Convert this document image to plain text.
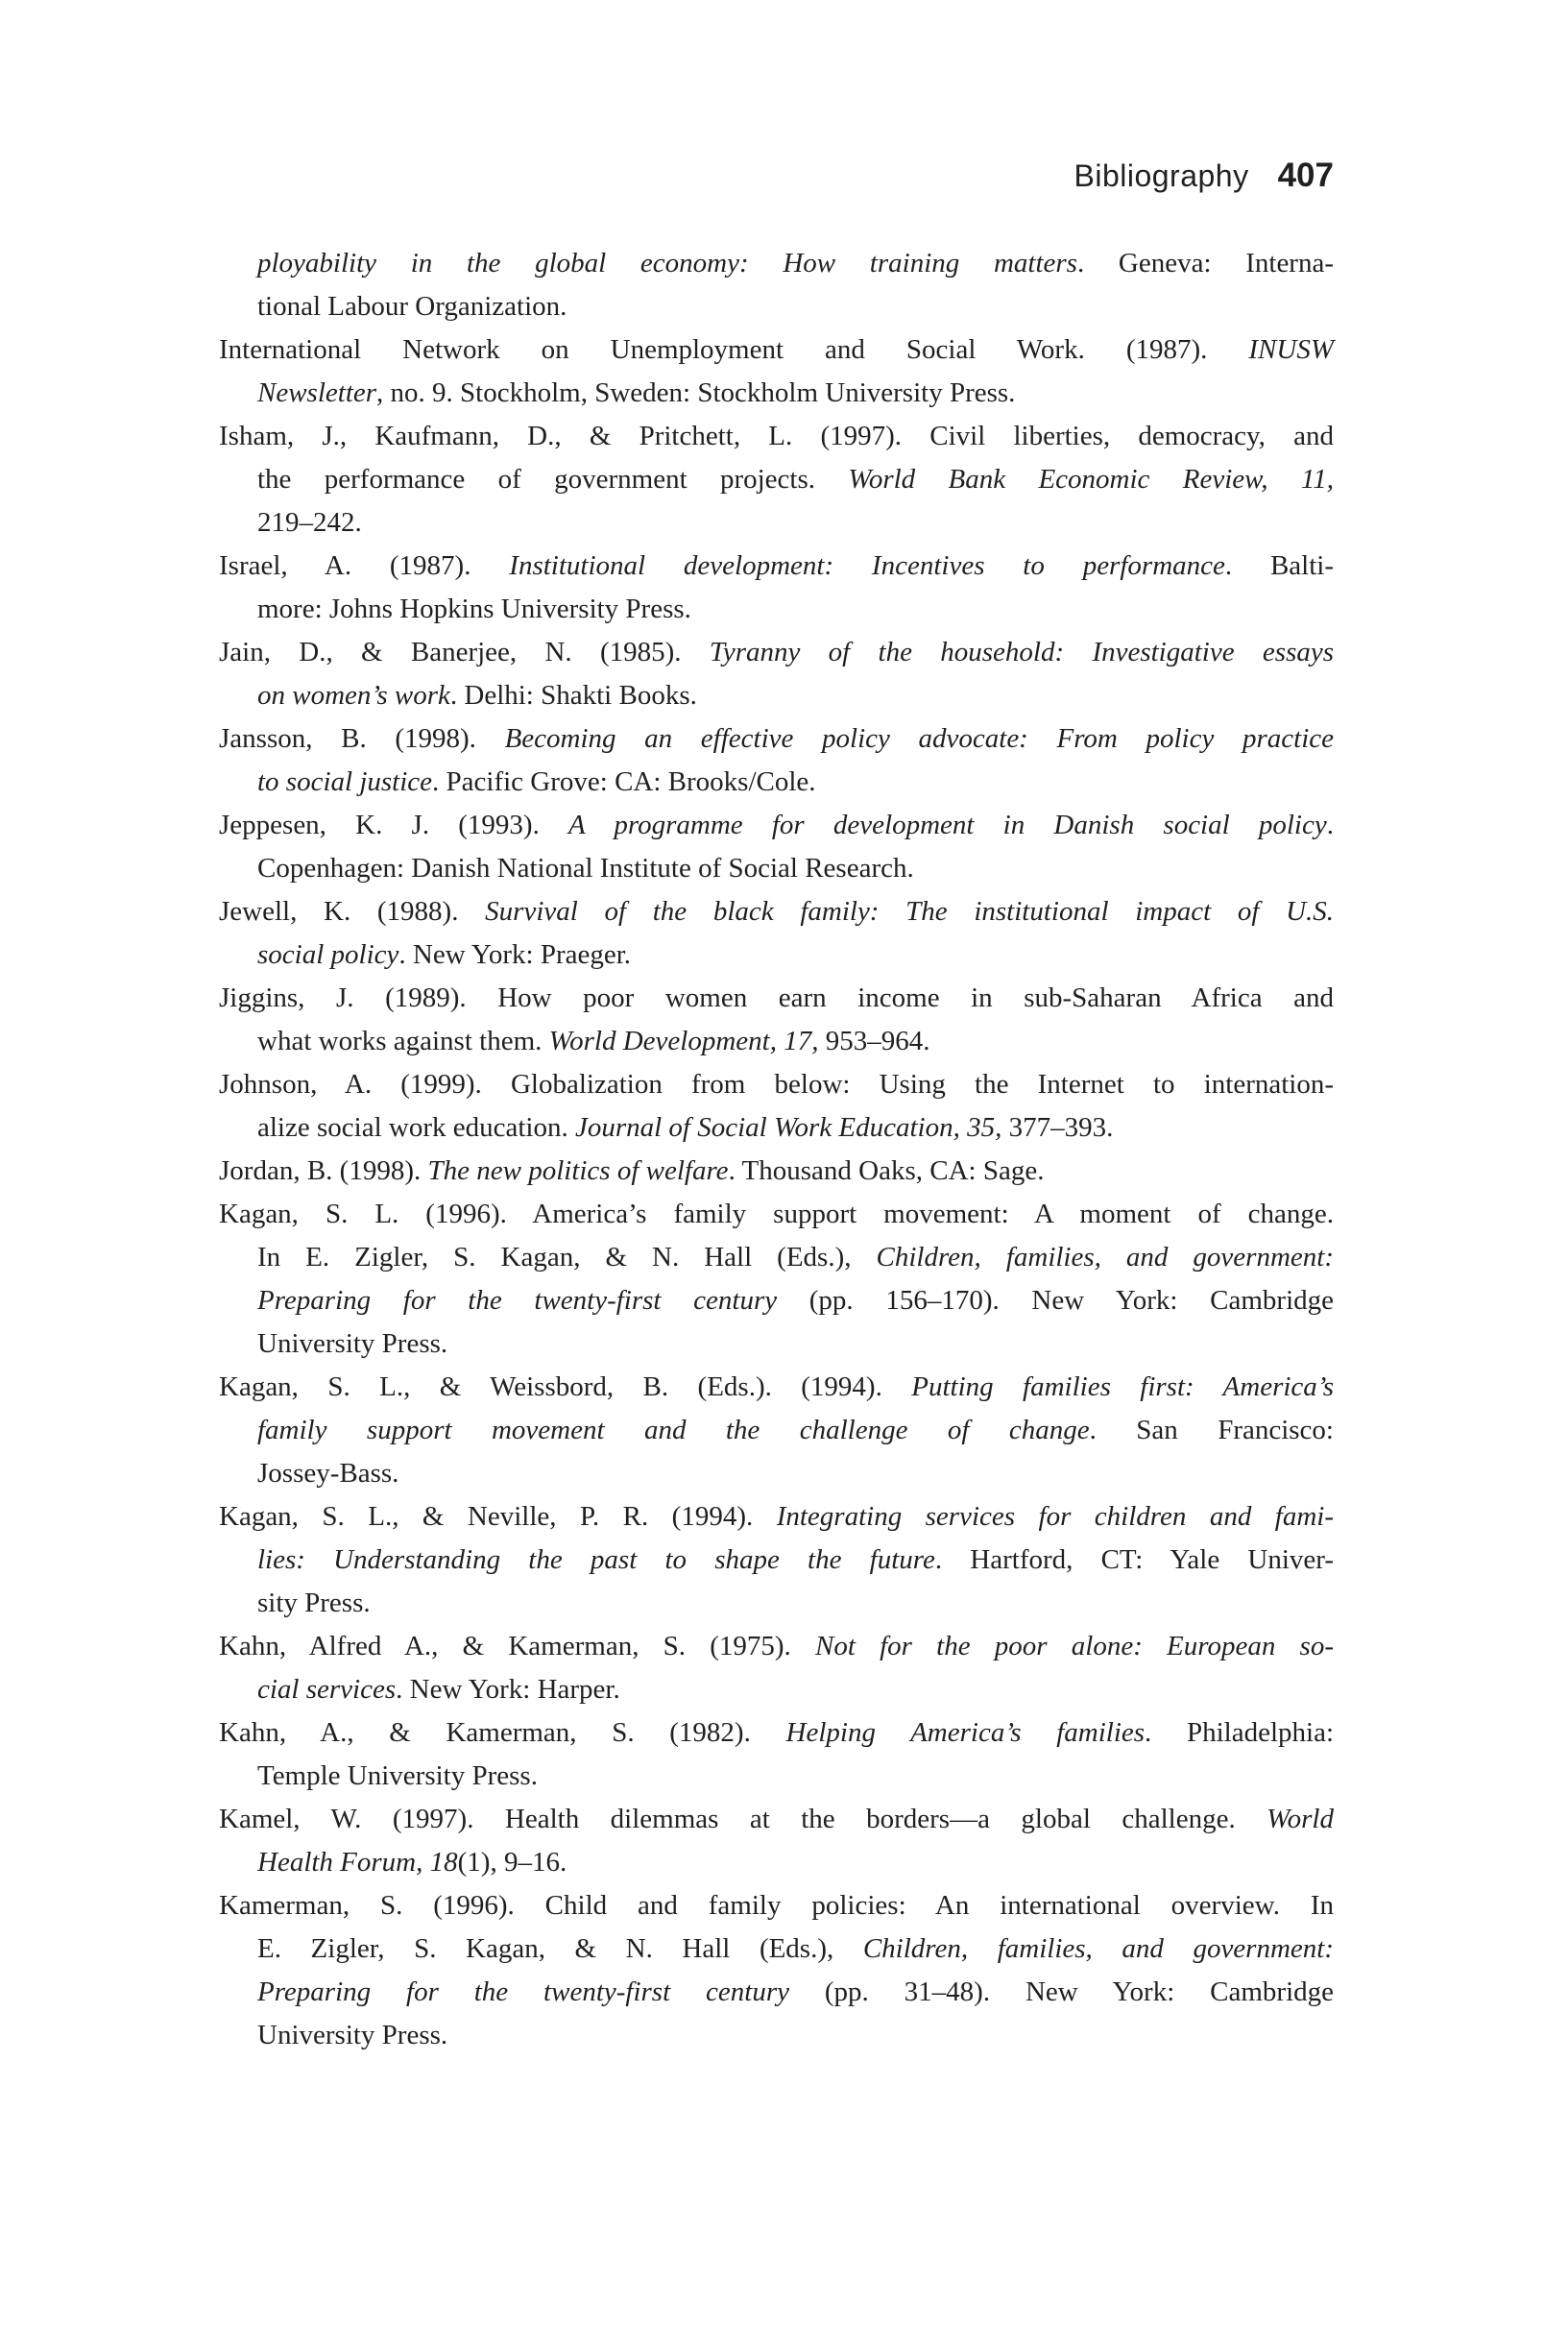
Bibliography 407
ployability in the global economy: How training matters. Geneva: Interna-
tional Labour Organization.
International Network on Unemployment and Social Work. (1987). INUSW
Newsletter, no. 9. Stockholm, Sweden: Stockholm University Press.
Isham, J., Kaufmann, D., & Pritchett, L. (1997). Civil liberties, democracy, and
the performance of government projects. World Bank Economic Review, 11,
219–242.
Israel, A. (1987). Institutional development: Incentives to performance. Balti-
more: Johns Hopkins University Press.
Jain, D., & Banerjee, N. (1985). Tyranny of the household: Investigative essays
on women’s work. Delhi: Shakti Books.
Jansson, B. (1998). Becoming an effective policy advocate: From policy practice
to social justice. Pacific Grove: CA: Brooks/Cole.
Jeppesen, K. J. (1993). A programme for development in Danish social policy.
Copenhagen: Danish National Institute of Social Research.
Jewell, K. (1988). Survival of the black family: The institutional impact of U.S.
social policy. New York: Praeger.
Jiggins, J. (1989). How poor women earn income in sub-Saharan Africa and
what works against them. World Development, 17, 953–964.
Johnson, A. (1999). Globalization from below: Using the Internet to internation-
alize social work education. Journal of Social Work Education, 35, 377–393.
Jordan, B. (1998). The new politics of welfare. Thousand Oaks, CA: Sage.
Kagan, S. L. (1996). America’s family support movement: A moment of change.
In E. Zigler, S. Kagan, & N. Hall (Eds.), Children, families, and government:
Preparing for the twenty-first century (pp. 156–170). New York: Cambridge
University Press.
Kagan, S. L., & Weissbord, B. (Eds.). (1994). Putting families first: America’s
family support movement and the challenge of change. San Francisco:
Jossey-Bass.
Kagan, S. L., & Neville, P. R. (1994). Integrating services for children and fami-
lies: Understanding the past to shape the future. Hartford, CT: Yale Univer-
sity Press.
Kahn, Alfred A., & Kamerman, S. (1975). Not for the poor alone: European so-
cial services. New York: Harper.
Kahn, A., & Kamerman, S. (1982). Helping America’s families. Philadelphia:
Temple University Press.
Kamel, W. (1997). Health dilemmas at the borders—a global challenge. World
Health Forum, 18(1), 9–16.
Kamerman, S. (1996). Child and family policies: An international overview. In
E. Zigler, S. Kagan, & N. Hall (Eds.), Children, families, and government:
Preparing for the twenty-first century (pp. 31–48). New York: Cambridge
University Press.
